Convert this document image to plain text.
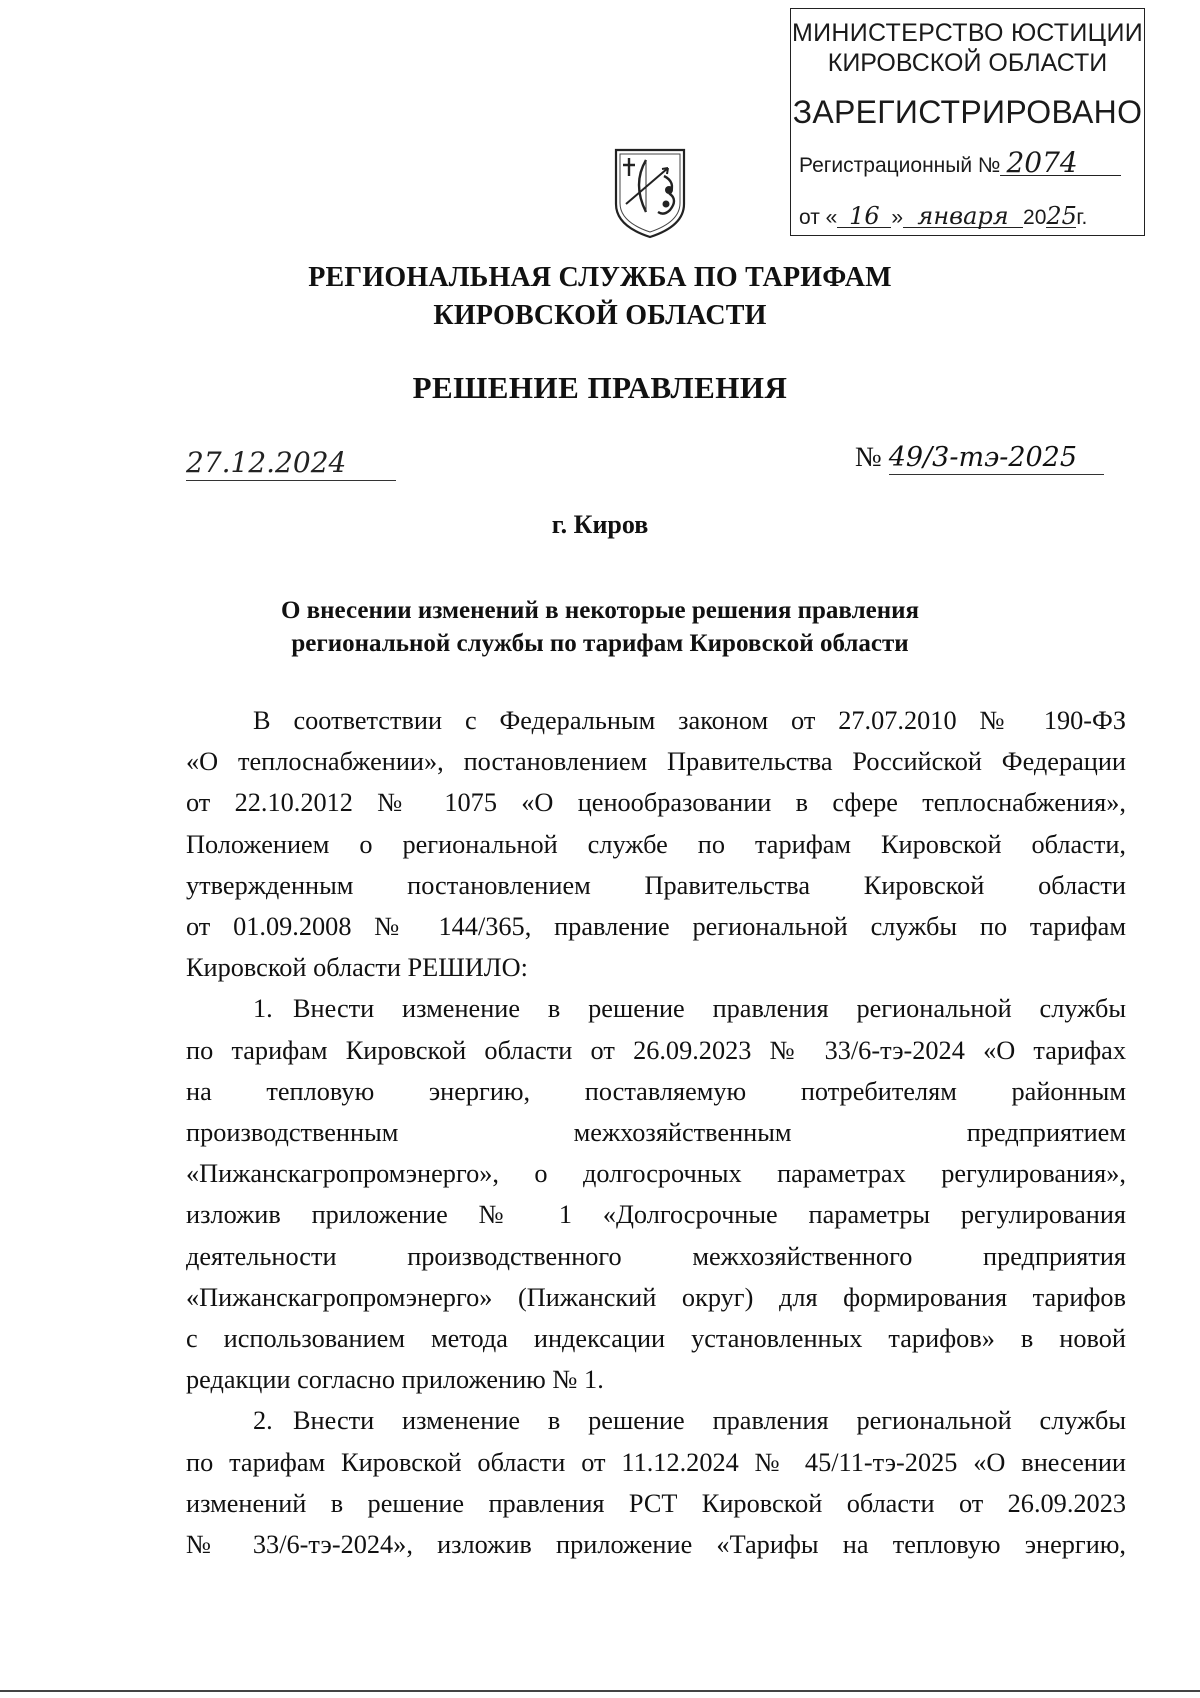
МИНИСТЕРСТВО ЮСТИЦИИ
КИРОВСКОЙ ОБЛАСТИ
ЗАРЕГИСТРИРОВАНО
Регистрационный № 2074
от « 16 » января 2025г.
РЕГИОНАЛЬНАЯ СЛУЖБА ПО ТАРИФАМ
КИРОВСКОЙ ОБЛАСТИ
РЕШЕНИЕ ПРАВЛЕНИЯ
27.12.2024	№ 49/3-тэ-2025
г. Киров
О внесении изменений в некоторые решения правления
региональной службы по тарифам Кировской области

В соответствии с Федеральным законом от 27.07.2010 № 190-ФЗ

«О теплоснабжении», постановлением Правительства Российской Федерации

от 22.10.2012 № 1075 «О ценообразовании в сфере теплоснабжения»,

Положением о региональной службе по тарифам Кировской области,

утвержденным постановлением Правительства Кировской области

от 01.09.2008 № 144/365, правление региональной службы по тарифам

Кировской области РЕШИЛО:

1. Внести изменение в решение правления региональной службы

по тарифам Кировской области от 26.09.2023 № 33/6-тэ-2024 «О тарифах

на тепловую энергию, поставляемую потребителям районным

производственным межхозяйственным предприятием

«Пижанскагропромэнерго», о долгосрочных параметрах регулирования»,

изложив приложение № 1 «Долгосрочные параметры регулирования

деятельности производственного межхозяйственного предприятия

«Пижанскагропромэнерго» (Пижанский округ) для формирования тарифов

с использованием метода индексации установленных тарифов» в новой

редакции согласно приложению № 1.

2. Внести изменение в решение правления региональной службы

по тарифам Кировской области от 11.12.2024 № 45/11-тэ-2025 «О внесении

изменений в решение правления РСТ Кировской области от 26.09.2023

№ 33/6-тэ-2024», изложив приложение «Тарифы на тепловую энергию,
